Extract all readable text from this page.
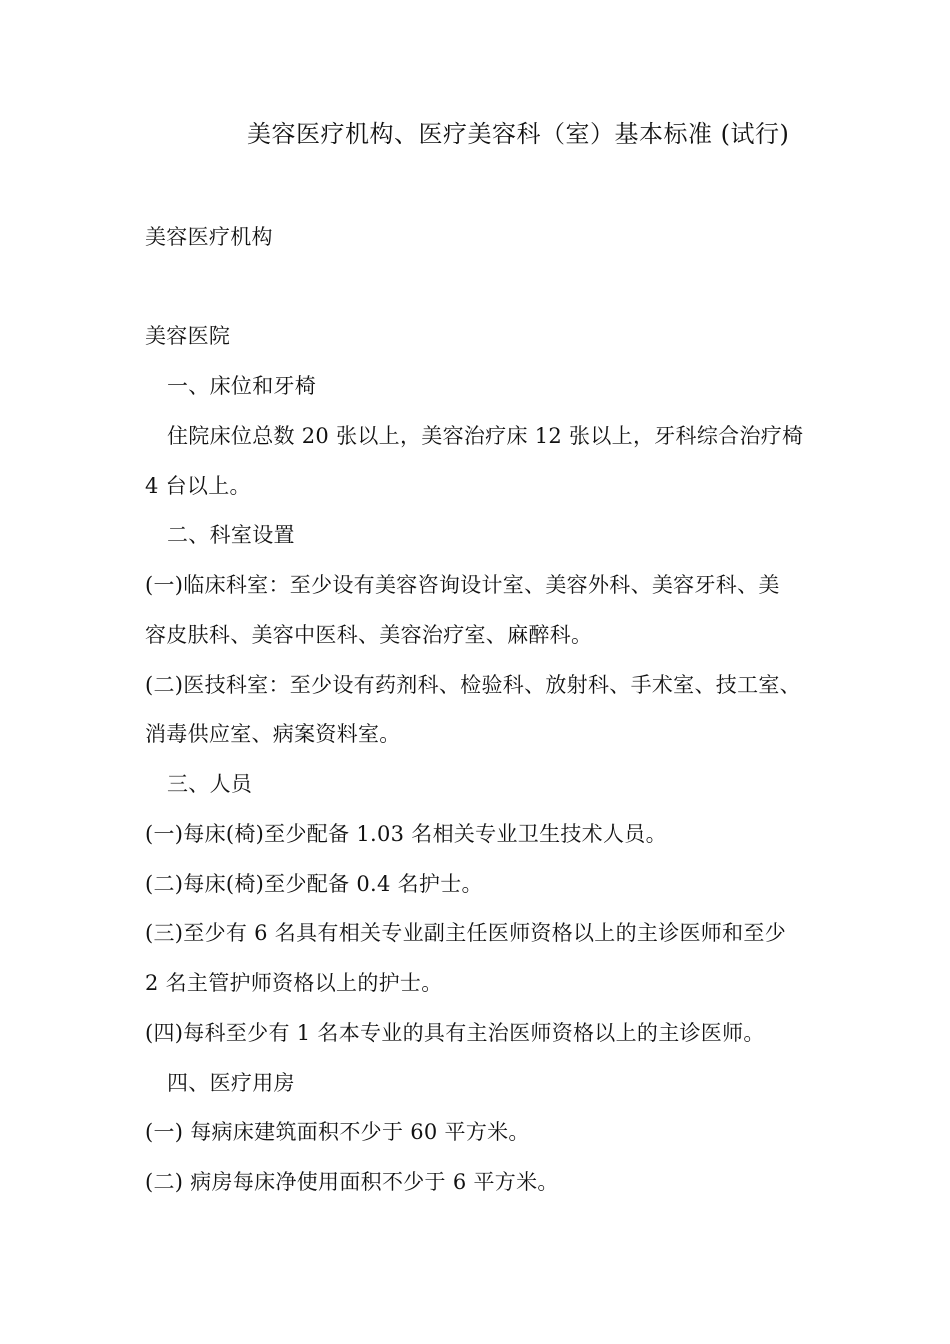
美容医疗机构、医疗美容科（室）基本标准 (试行)
美容医疗机构
美容医院
一、床位和牙椅
住院床位总数 20 张以上，美容治疗床 12 张以上，牙科综合治疗椅
4 台以上。
二、科室设置
(一)临床科室：至少设有美容咨询设计室、美容外科、美容牙科、美
容皮肤科、美容中医科、美容治疗室、麻醉科。
(二)医技科室：至少设有药剂科、检验科、放射科、手术室、技工室、
消毒供应室、病案资料室。
三、人员
(一)每床(椅)至少配备 1.03 名相关专业卫生技术人员。
(二)每床(椅)至少配备 0.4 名护士。
(三)至少有 6 名具有相关专业副主任医师资格以上的主诊医师和至少
2 名主管护师资格以上的护士。
(四)每科至少有 1 名本专业的具有主治医师资格以上的主诊医师。
四、医疗用房
(一) 每病床建筑面积不少于 60 平方米。
(二) 病房每床净使用面积不少于 6 平方米。
